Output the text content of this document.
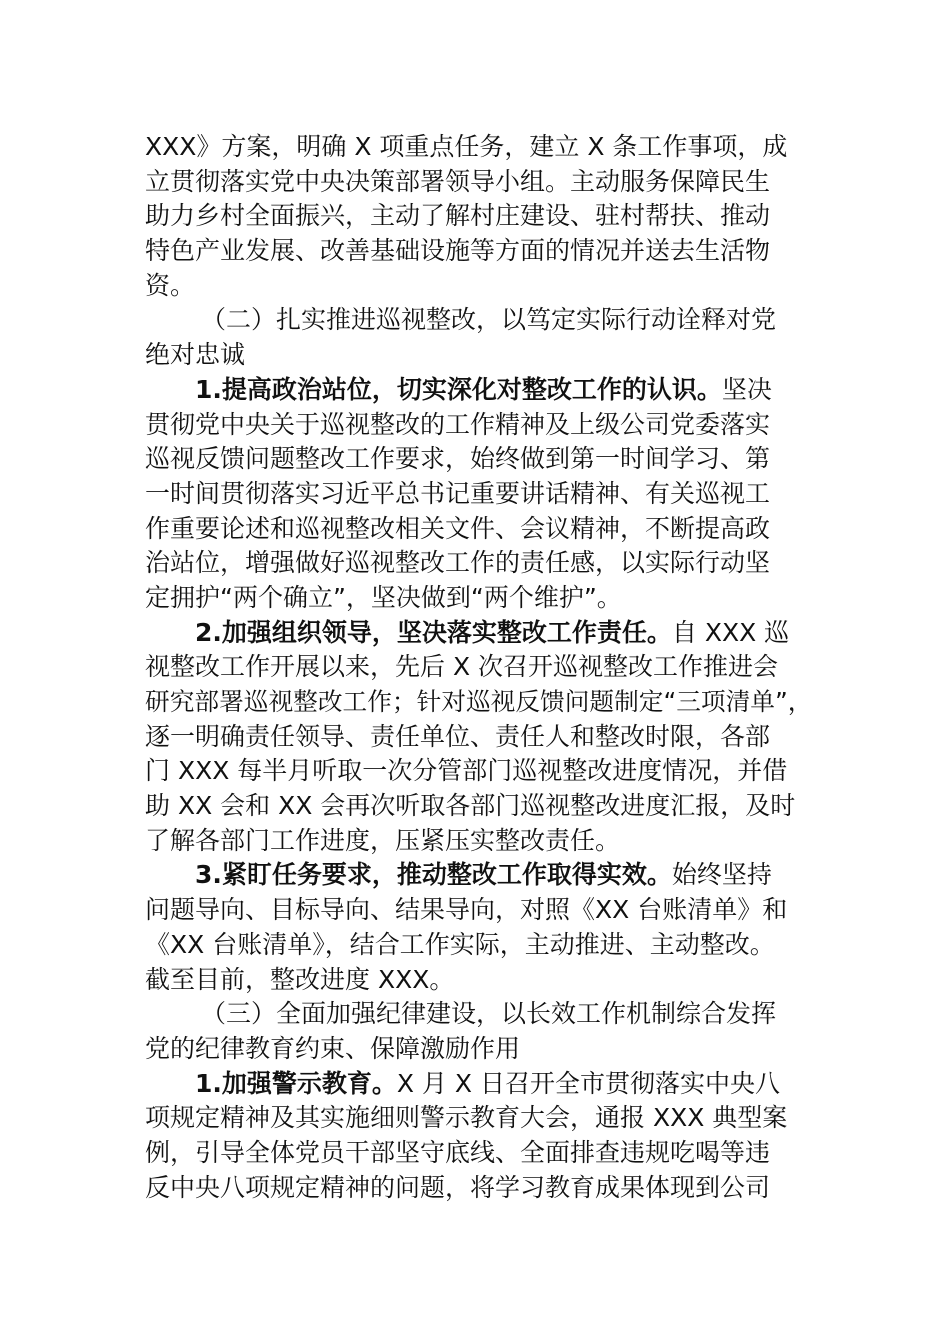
XXX》方案，明确 X 项重点任务，建立 X 条工作事项，成
立贯彻落实党中央决策部署领导小组。主动服务保障民生
助力乡村全面振兴，主动了解村庄建设、驻村帮扶、推动
特色产业发展、改善基础设施等方面的情况并送去生活物
资。
（二）扎实推进巡视整改，以笃定实际行动诠释对党
绝对忠诚
1.提高政治站位，切实深化对整改工作的认识。坚决
贯彻党中央关于巡视整改的工作精神及上级公司党委落实
巡视反馈问题整改工作要求，始终做到第一时间学习、第
一时间贯彻落实习近平总书记重要讲话精神、有关巡视工
作重要论述和巡视整改相关文件、会议精神，不断提高政
治站位，增强做好巡视整改工作的责任感，以实际行动坚
定拥护“两个确立”，坚决做到“两个维护”。
2.加强组织领导，坚决落实整改工作责任。自 XXX 巡
视整改工作开展以来，先后 X 次召开巡视整改工作推进会
研究部署巡视整改工作；针对巡视反馈问题制定“三项清单”，
逐一明确责任领导、责任单位、责任人和整改时限，各部
门 XXX 每半月听取一次分管部门巡视整改进度情况，并借
助 XX 会和 XX 会再次听取各部门巡视整改进度汇报，及时
了解各部门工作进度，压紧压实整改责任。
3.紧盯任务要求，推动整改工作取得实效。始终坚持
问题导向、目标导向、结果导向，对照《XX 台账清单》和
《XX 台账清单》，结合工作实际，主动推进、主动整改。
截至目前，整改进度 XXX。
（三）全面加强纪律建设，以长效工作机制综合发挥
党的纪律教育约束、保障激励作用
1.加强警示教育。X 月 X 日召开全市贯彻落实中央八
项规定精神及其实施细则警示教育大会，通报 XXX 典型案
例，引导全体党员干部坚守底线、全面排查违规吃喝等违
反中央八项规定精神的问题，将学习教育成果体现到公司
